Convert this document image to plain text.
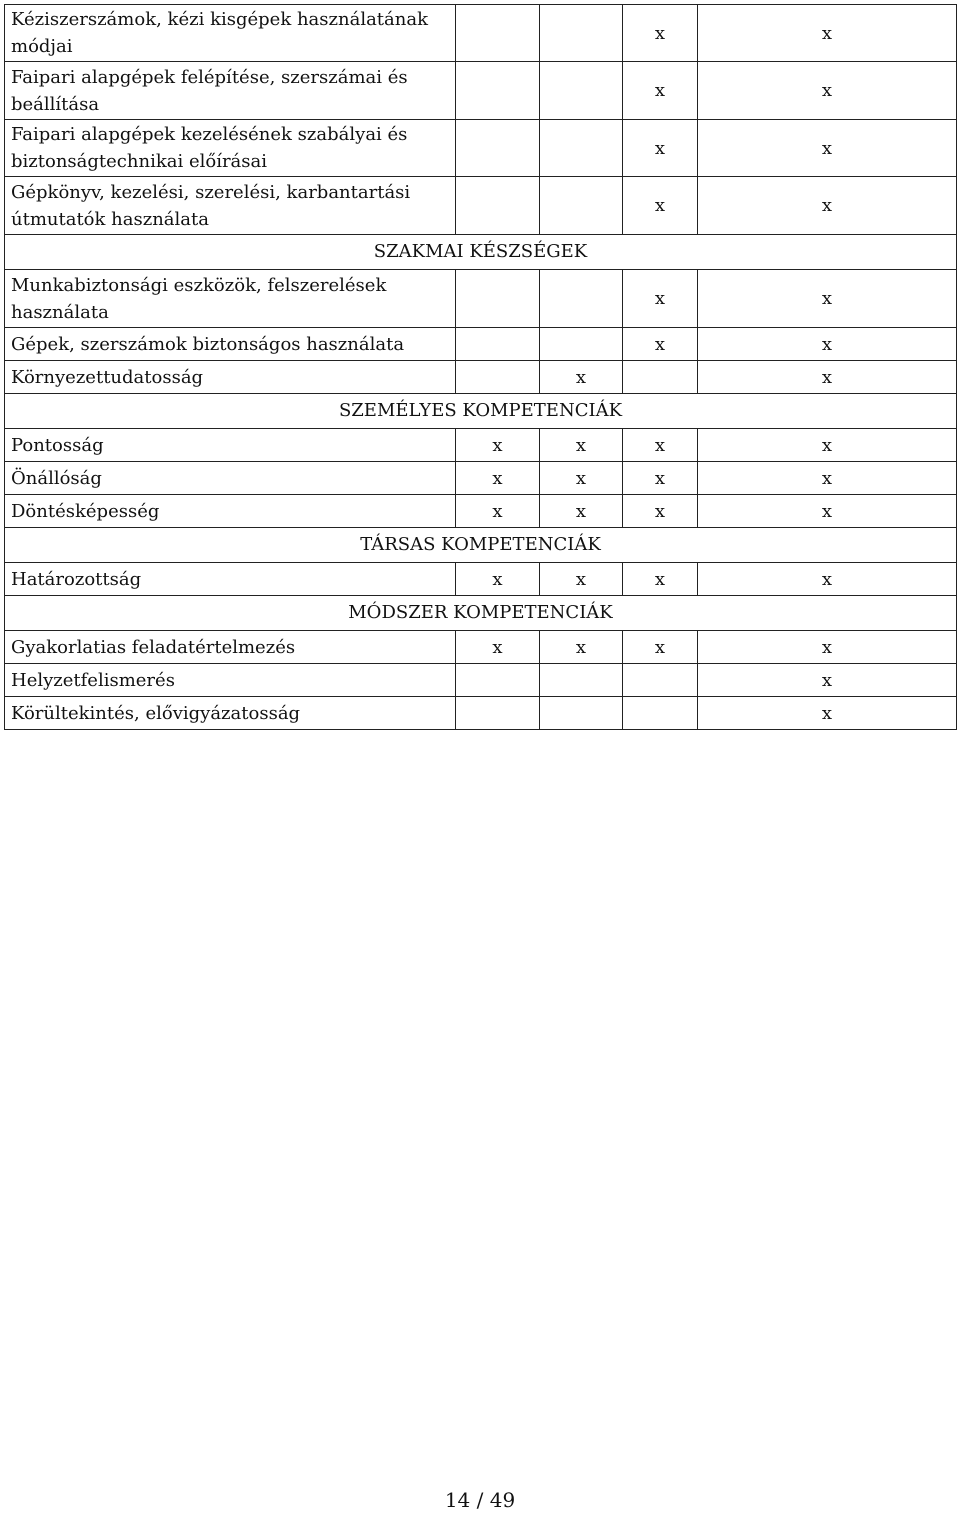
Kéziszerszámok, kézi kisgépek használatának módjai			x	x
Faipari alapgépek felépítése, szerszámai és beállítása			x	x
Faipari alapgépek kezelésének szabályai és biztonságtechnikai előírásai			x	x
Gépkönyv, kezelési, szerelési, karbantartási útmutatók használata			x	x
SZAKMAI KÉSZSÉGEK				
Munkabiztonsági eszközök, felszerelések használata			x	x
Gépek, szerszámok biztonságos használata			x	x
Környezettudatosság		x		x
SZEMÉLYES KOMPETENCIÁK				
Pontosság	x	x	x	x
Önállóság	x	x	x	x
Döntésképesség	x	x	x	x
TÁRSAS KOMPETENCIÁK				
Határozottság	x	x	x	x
MÓDSZER KOMPETENCIÁK				
Gyakorlatias feladatértelmezés	x	x	x	x
Helyzetfelismerés				x
Körültekintés, elővigyázatosság				x
14 / 49
